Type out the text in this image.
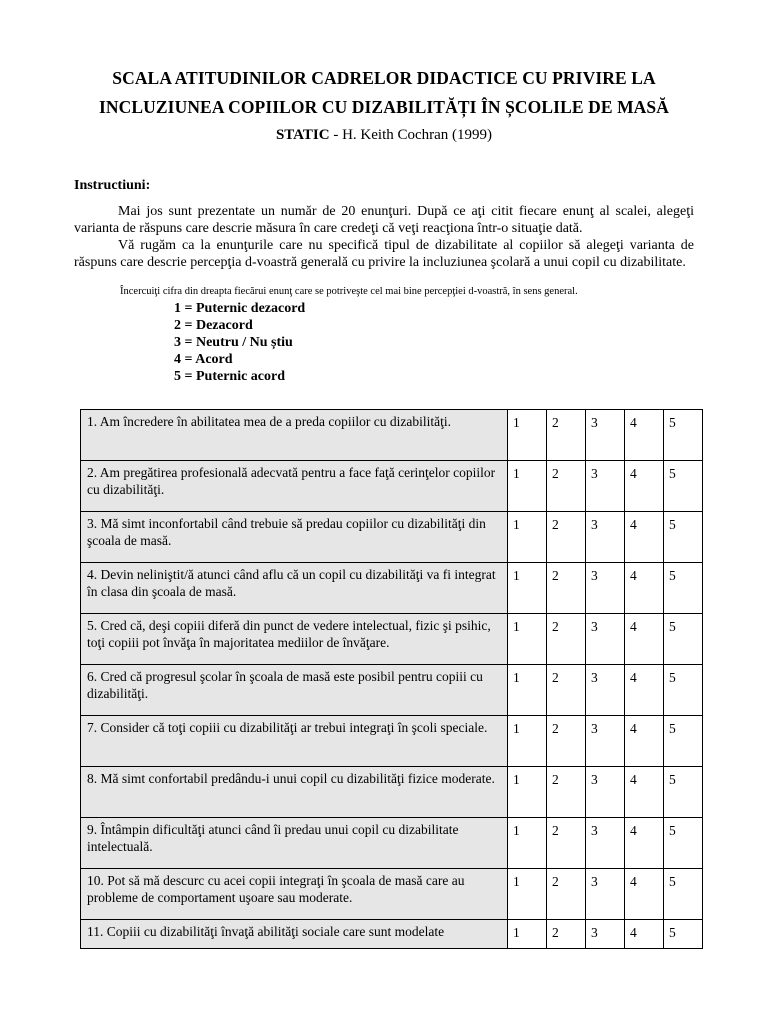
SCALA ATITUDINILOR CADRELOR DIDACTICE CU PRIVIRE LA
INCLUZIUNEA COPIILOR CU DIZABILITĂȚI ÎN ȘCOLILE DE MASĂ
STATIC - H. Keith Cochran (1999)
Instructiuni:

Mai jos sunt prezentate un număr de 20 enunţuri. După ce aţi citit fiecare enunţ al scalei, alegeţi varianta de răspuns care descrie măsura în care credeţi că veţi reacţiona într-o situaţie dată.

Vă rugăm ca la enunţurile care nu specifică tipul de dizabilitate al copiilor să alegeţi varianta de răspuns care descrie percepţia d-voastră generală cu privire la incluziunea şcolară a unui copil cu dizabilitate.

Încercuiţi cifra din dreapta fiecărui enunţ care se potriveşte cel mai bine percepţiei d-voastră, în sens general.
1 = Puternic dezacord
2 = Dezacord
3 = Neutru / Nu știu
4 = Acord
5 = Puternic acord
1. Am încredere în abilitatea mea de a preda copiilor cu dizabilităţi.	1	2	3	4	5
2. Am pregătirea profesională adecvată pentru a face faţă cerinţelor copiilor cu dizabilităţi.	1	2	3	4	5
3. Mă simt inconfortabil când trebuie să predau copiilor cu dizabilităţi din şcoala de masă.	1	2	3	4	5
4. Devin neliniştit/ă atunci când aflu că un copil cu dizabilităţi va fi integrat în clasa din şcoala de masă.	1	2	3	4	5
5. Cred că, deşi copiii diferă din punct de vedere intelectual, fizic şi psihic, toţi copiii pot învăţa în majoritatea mediilor de învăţare.	1	2	3	4	5
6. Cred că progresul şcolar în şcoala de masă este posibil pentru copiii cu dizabilităţi.	1	2	3	4	5
7. Consider că toţi copiii cu dizabilităţi ar trebui integraţi în şcoli speciale.	1	2	3	4	5
8. Mă simt confortabil predându-i unui copil cu dizabilităţi fizice moderate.	1	2	3	4	5
9. Întâmpin dificultăţi atunci când îi predau unui copil cu dizabilitate intelectuală.	1	2	3	4	5
10. Pot să mă descurc cu acei copii integraţi în şcoala de masă care au probleme de comportament uşoare sau moderate.	1	2	3	4	5
11. Copiii cu dizabilităţi învaţă abilităţi sociale care sunt modelate	1	2	3	4	5
